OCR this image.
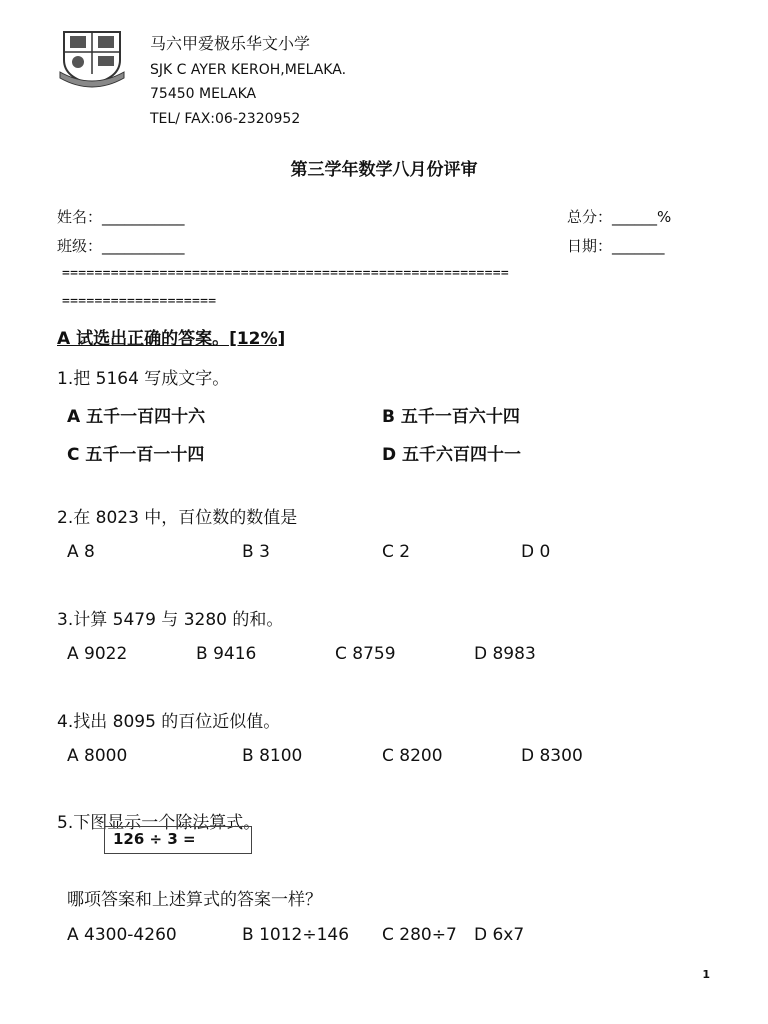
马六甲爱极乐华文小学
SJK C AYER KEROH,MELAKA.
75450 MELAKA
TEL/ FAX:06-2320952
第三学年数学八月份评审
姓名：___________
班级：___________
总分：______%
日期：_______
=======================================================
===================
A 试选出正确的答案。[12%]
1.把 5164 写成文字。
A 五千一百四十六	B 五千一百六十四
C 五千一百一十四	D 五千六百四十一
2.在 8023 中，百位数的数值是
A 8	B 3	C 2	D 0
3.计算 5479 与 3280 的和。
A 9022	B 9416	C 8759	D 8983
4.找出 8095 的百位近似值。
A 8000	B 8100	C 8200	D 8300
5.下图显示一个除法算式。
126 ÷ 3 =
哪项答案和上述算式的答案一样？
A 4300-4260	B 1012÷146 C 280÷7 D 6x7
1
